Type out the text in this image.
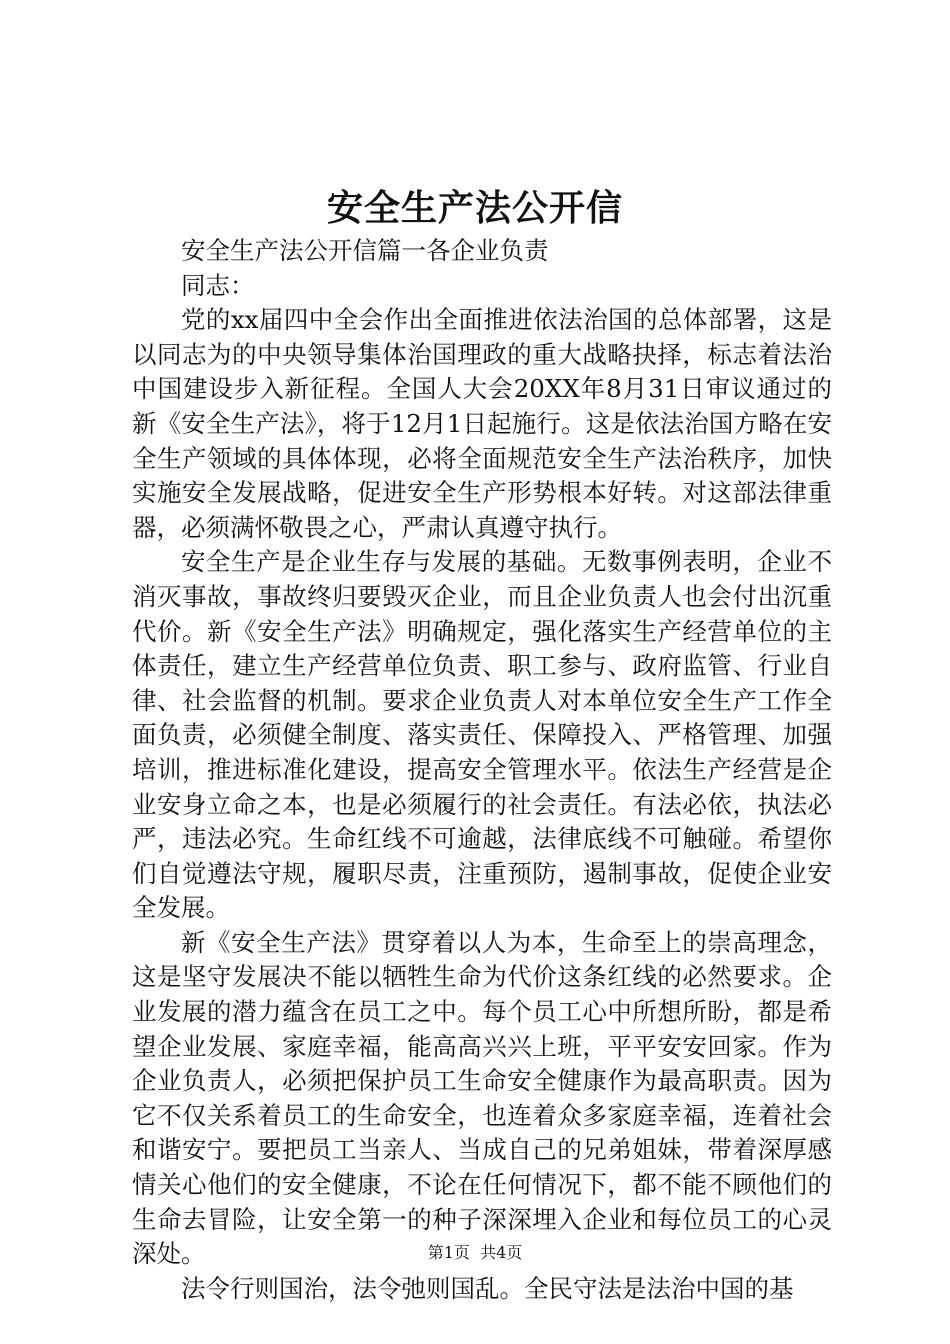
安全生产法公开信

安全生产法公开信篇一各企业负责

同志：

党的xx届四中全会作出全面推进依法治国的总体部署，这是以同志为的中央领导集体治国理政的重大战略抉择，标志着法治中国建设步入新征程。全国人大会20XX年8月31日审议通过的新《安全生产法》，将于12月1日起施行。这是依法治国方略在安全生产领域的具体体现，必将全面规范安全生产法治秩序，加快实施安全发展战略，促进安全生产形势根本好转。对这部法律重器，必须满怀敬畏之心，严肃认真遵守执行。

安全生产是企业生存与发展的基础。无数事例表明，企业不消灭事故，事故终归要毁灭企业，而且企业负责人也会付出沉重代价。新《安全生产法》明确规定，强化落实生产经营单位的主体责任，建立生产经营单位负责、职工参与、政府监管、行业自律、社会监督的机制。要求企业负责人对本单位安全生产工作全面负责，必须健全制度、落实责任、保障投入、严格管理、加强培训，推进标准化建设，提高安全管理水平。依法生产经营是企业安身立命之本，也是必须履行的社会责任。有法必依，执法必严，违法必究。生命红线不可逾越，法律底线不可触碰。希望你们自觉遵法守规，履职尽责，注重预防，遏制事故，促使企业安全发展。

新《安全生产法》贯穿着以人为本，生命至上的崇高理念，这是坚守发展决不能以牺牲生命为代价这条红线的必然要求。企业发展的潜力蕴含在员工之中。每个员工心中所想所盼，都是希望企业发展、家庭幸福，能高高兴兴上班，平平安安回家。作为企业负责人，必须把保护员工生命安全健康作为最高职责。因为它不仅关系着员工的生命安全，也连着众多家庭幸福，连着社会和谐安宁。要把员工当亲人、当成自己的兄弟姐妹，带着深厚感情关心他们的安全健康，不论在任何情况下，都不能不顾他们的生命去冒险，让安全第一的种子深深埋入企业和每位员工的心灵深处。

法令行则国治，法令弛则国乱。全民守法是法治中国的基

第1页  共4页
